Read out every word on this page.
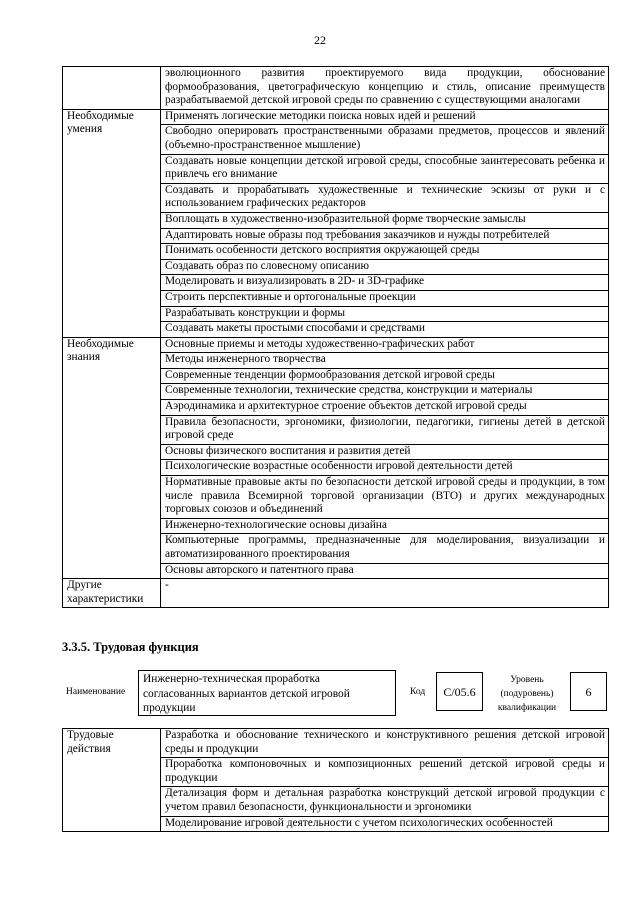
22
	эволюционного развития проектируемого вида продукции, обоснование формообразования, цветографическую концепцию и стиль, описание преимуществ разрабатываемой детской игровой среды по сравнению с существующими аналогами
Необходимые умения	Применять логические методики поиска новых идей и решений
	Свободно оперировать пространственными образами предметов, процессов и явлений (объемно-пространственное мышление)
	Создавать новые концепции детской игровой среды, способные заинтересовать ребенка и привлечь его внимание
	Создавать и прорабатывать художественные и технические эскизы от руки и с использованием графических редакторов
	Воплощать в художественно-изобразительной форме творческие замыслы
	Адаптировать новые образы под требования заказчиков и нужды потребителей
	Понимать особенности детского восприятия окружающей среды
	Создавать образ по словесному описанию
	Моделировать и визуализировать в 2D- и 3D-графике
	Строить перспективные и ортогональные проекции
	Разрабатывать конструкции и формы
	Создавать макеты простыми способами и средствами
Необходимые знания	Основные приемы и методы художественно-графических работ
	Методы инженерного творчества
	Современные тенденции формообразования детской игровой среды
	Современные технологии, технические средства, конструкции и материалы
	Аэродинамика и архитектурное строение объектов детской игровой среды
	Правила безопасности, эргономики, физиологии, педагогики, гигиены детей в детской игровой среде
	Основы физического воспитания и развития детей
	Психологические возрастные особенности игровой деятельности детей
	Нормативные правовые акты по безопасности детской игровой среды и продукции, в том числе правила Всемирной торговой организации (ВТО) и других международных торговых союзов и объединений
	Инженерно-технологические основы дизайна
	Компьютерные программы, предназначенные для моделирования, визуализации и автоматизированного проектирования
	Основы авторского и патентного права
Другие характеристики	-
3.3.5. Трудовая функция
Наименование
Инженерно-техническая проработка согласованных вариантов детской игровой продукции
Код	C/05.6
Уровень (подуровень) квалификации
6
Трудовые действия	Разработка и обоснование технического и конструктивного решения детской игровой среды и продукции
Проработка компоновочных и композиционных решений детской игровой среды и продукции
Детализация форм и детальная разработка конструкций детской игровой продукции с учетом правил безопасности, функциональности и эргономики
Моделирование игровой деятельности с учетом психологических особенностей
